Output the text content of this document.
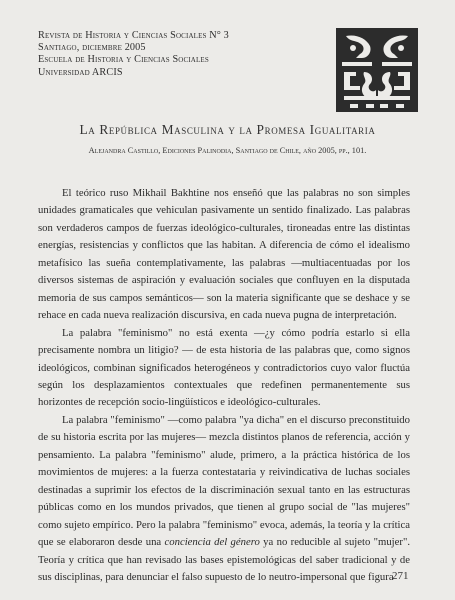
Revista de Historia y Ciencias Sociales N° 3
Santiago, diciembre 2005
Escuela de Historia y Ciencias Sociales
Universidad ARCIS
La República Masculina y la Promesa Igualitaria
Alejandra Castillo, Ediciones Palinodia, Santiago de Chile, año 2005, pp., 101.

El teórico ruso Mikhail Bakhtine nos enseñó que las palabras no son simples unidades gramaticales que vehiculan pasivamente un sentido finalizado. Las palabras son verdaderos campos de fuerzas ideológico-culturales, tironeadas entre las distintas energías, resistencias y conflictos que las habitan. A diferencia de cómo el idealismo metafísico las sueña contemplativamente, las palabras —multiacentuadas por los diversos sistemas de aspiración y evaluación sociales que confluyen en la disputada memoria de sus campos semánticos— son la materia significante que se deshace y se rehace en cada nueva realización discursiva, en cada nueva pugna de interpretación.

La palabra "feminismo" no está exenta —¿y cómo podría estarlo si ella precisamente nombra un litigio? — de esta historia de las palabras que, como signos ideológicos, combinan significados heterogéneos y contradictorios cuyo valor fluctúa según los desplazamientos contextuales que redefinen permanentemente sus horizontes de recepción socio-lingüísticos e ideológico-culturales.

La palabra "feminismo" —como palabra "ya dicha" en el discurso preconstituido de su historia escrita por las mujeres— mezcla distintos planos de referencia, acción y pensamiento. La palabra "feminismo" alude, primero, a la práctica histórica de los movimientos de mujeres: a la fuerza contestataria y reivindicativa de luchas sociales destinadas a suprimir los efectos de la discriminación sexual tanto en las estructuras públicas como en los mundos privados, que tienen al grupo social de "las mujeres" como sujeto empírico. Pero la palabra "feminismo" evoca, además, la teoría y la crítica que se elaboraron desde una conciencia del género ya no reducible al sujeto "mujer". Teoría y crítica que han revisado las bases epistemológicas del saber tradicional y de sus disciplinas, para denunciar el falso supuesto de lo neutro-impersonal que figura

271
